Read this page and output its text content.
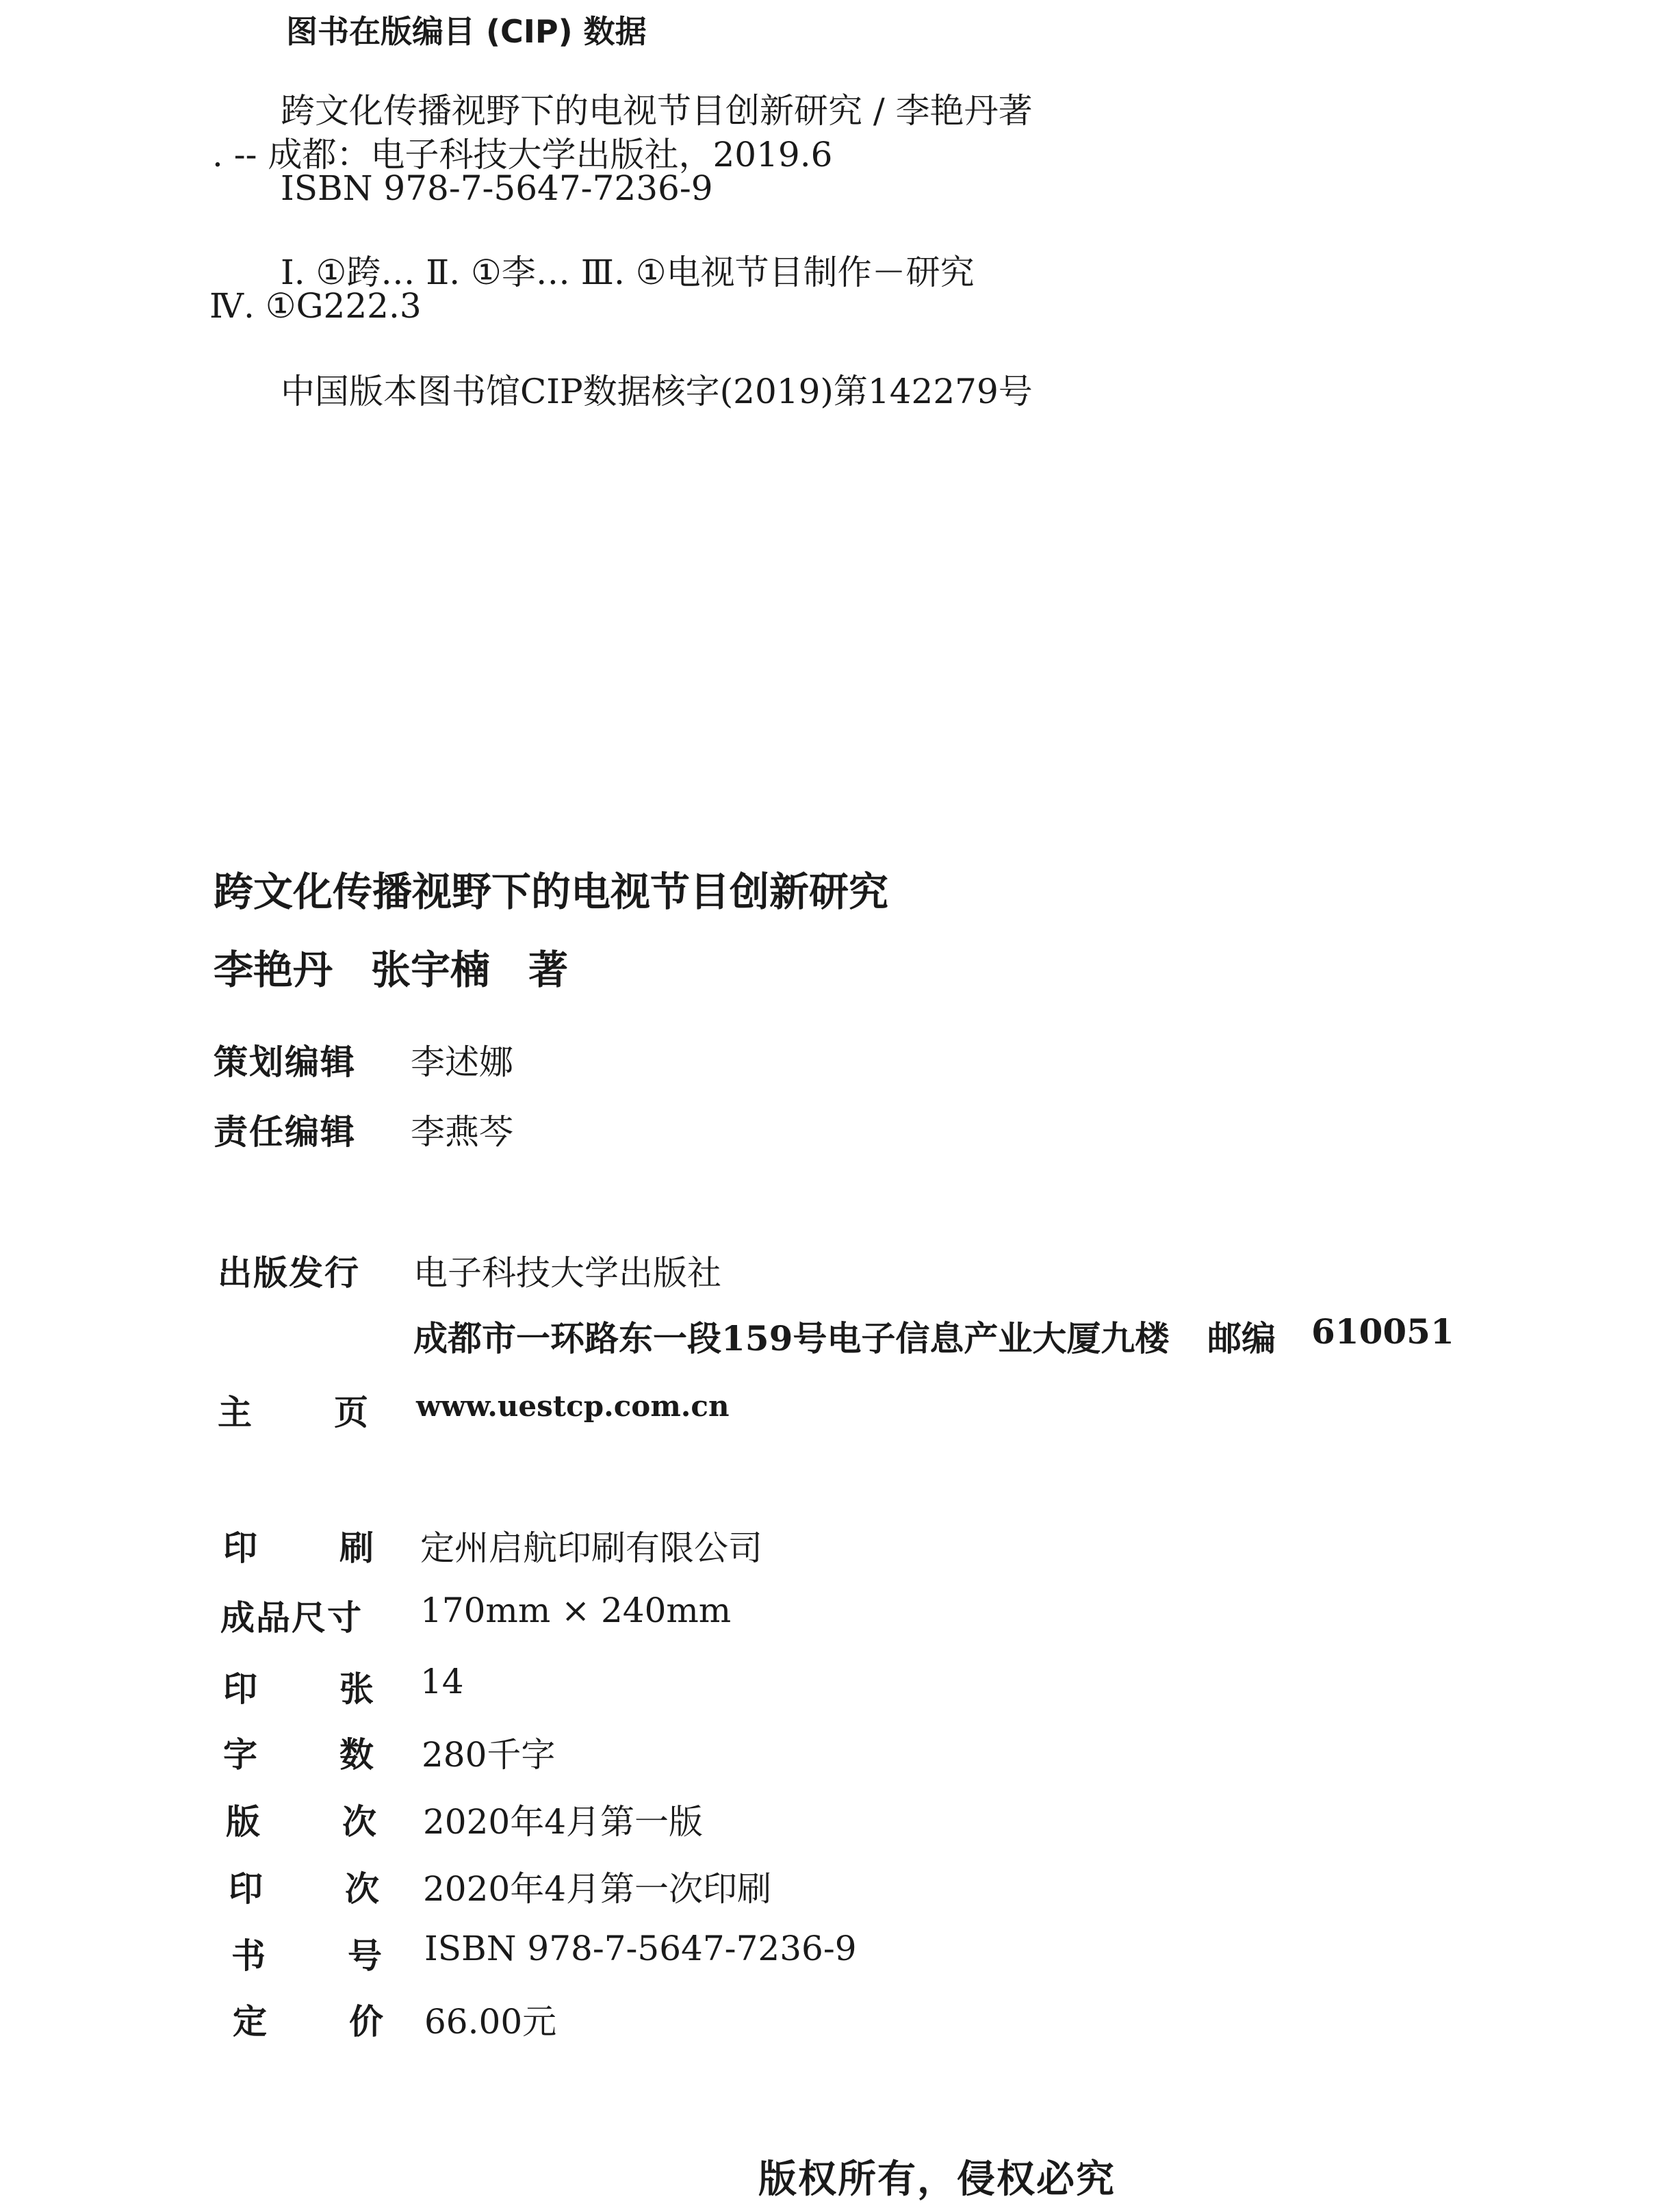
图书在版编目 (CIP) 数据
跨文化传播视野下的电视节目创新研究 / 李艳丹著
. -- 成都：电子科技大学出版社，2019.6
ISBN 978-7-5647-7236-9
Ⅰ. ①跨… Ⅱ. ①李… Ⅲ. ①电视节目制作－研究
Ⅳ. ①G222.3
中国版本图书馆CIP数据核字(2019)第142279号
跨文化传播视野下的电视节目创新研究
李艳丹 张宇楠 著
策划编辑 李述娜
责任编辑 李燕芩
出版发行 电子科技大学出版社
成都市一环路东一段159号电子信息产业大厦九楼 邮编 610051
主 页 www.uestcp.com.cn
印 刷 定州启航印刷有限公司
成品尺寸 170mm × 240mm
印 张 14
字 数 280千字
版 次 2020年4月第一版
印 次 2020年4月第一次印刷
书 号 ISBN 978-7-5647-7236-9
定 价 66.00元
版权所有，侵权必究
